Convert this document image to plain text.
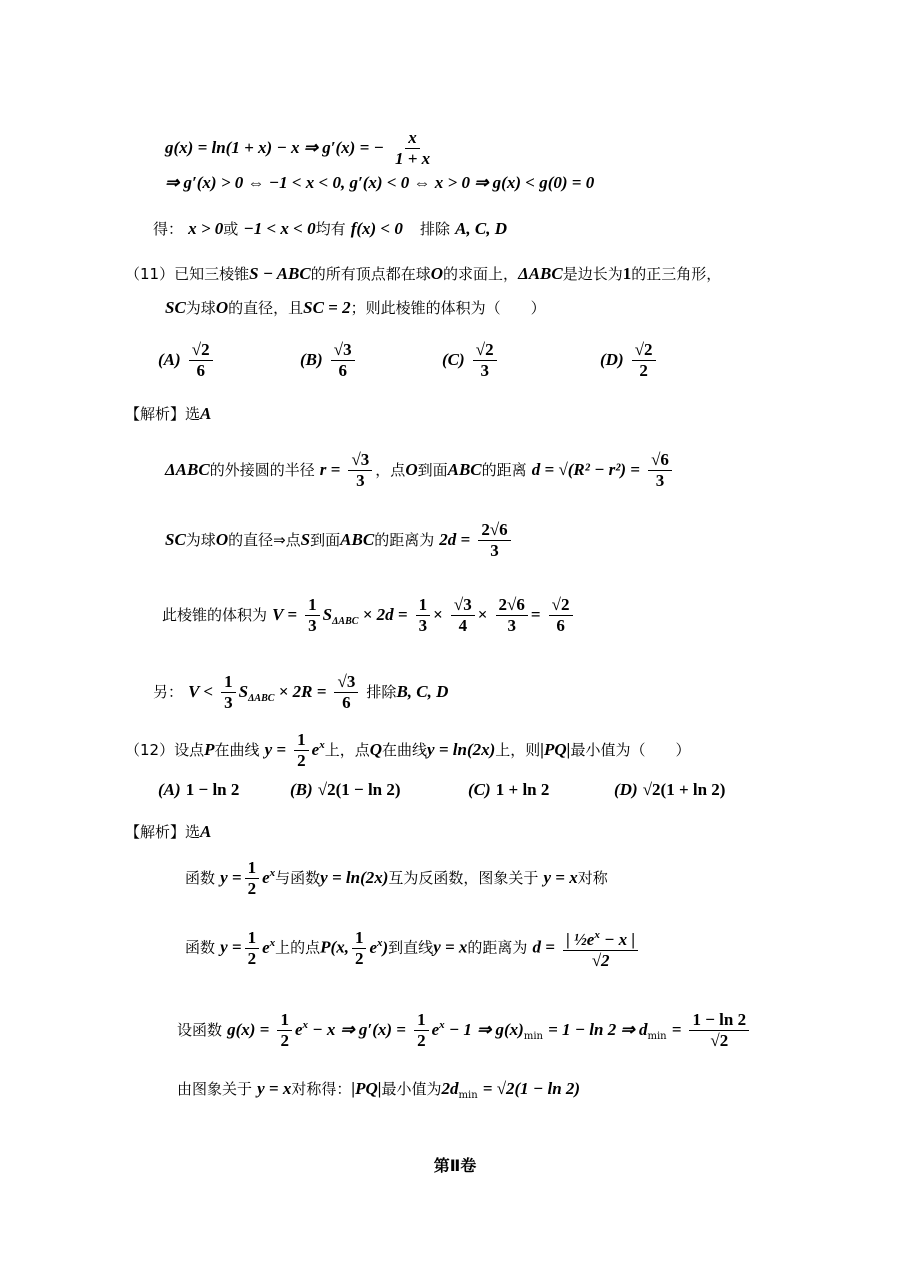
g(x) = ln(1 + x) − x ⇒ g′(x) = − $\frac{x}{1 + x}$
⇒ g′(x) > 0 ⇔ −1 < x < 0, g′(x) < 0 ⇔ x > 0 ⇒ g(x) < g(0) = 0
得： x > 0或 −1 < x < 0均有 f(x) < 0 排除 A, C, D
（11）已知三棱锥S − ABC的所有顶点都在球O的求面上，ΔABC是边长为1的正三角形，
SC为球O的直径，且SC = 2；则此棱锥的体积为（　　）
$(A) \frac{√2}{6}$	$(B) \frac{√3}{6}$	$(C) \frac{√2}{3}$	$(D) \frac{√2}{2}$
【解析】选A
ΔABC的外接圆的半径 $r = \frac{√3}{3}$ ，点O到面ABC的距离 $d = √(R^2 - r^2) = \frac{√6}{3}$
SC为球O的直径⇒点S到面ABC的距离为 $2d = \frac{2√6}{3}$
此棱锥的体积为 $V = \frac{1}{3} S_{\Delta ABC} \times 2d = \frac{1}{3} \times \frac{√3}{4} \times \frac{2√6}{3} = \frac{√2}{6}$
另： $V < \frac{1}{3} S_{\Delta ABC} \times 2R = \frac{√3}{6}$ 排除B, C, D
（12）设点P在曲线 $y = \frac{1}{2} e^x$上，点Q在曲线y = ln(2x)上，则|PQ|最小值为（　　）
(A) 1 − ln 2	(B) √2(1 − ln 2)	(C) 1 + ln 2	(D) √2(1 + ln 2)
【解析】选A
函数 $y = \frac{1}{2} e^x$与函数y = ln(2x)互为反函数，图象关于 y = x对称
函数 $y = \frac{1}{2} e^x$上的点P(x, $\frac{1}{2} e^x$)到直线y = x的距离为 $d = \frac{| \frac{1}{2}e^x - x |}{√2}$
设函数 $g(x) = \frac{1}{2} e^x - x$ ⇒ $g'(x) = \frac{1}{2} e^x - 1$ ⇒ $g(x)_{min} = 1 - \ln 2$ ⇒ $d_{min} = \frac{1 - \ln 2}{√2}$
由图象关于 y = x对称得：|PQ|最小值为$2d_{min} = √2(1 - \ln 2)$
第Ⅱ卷
